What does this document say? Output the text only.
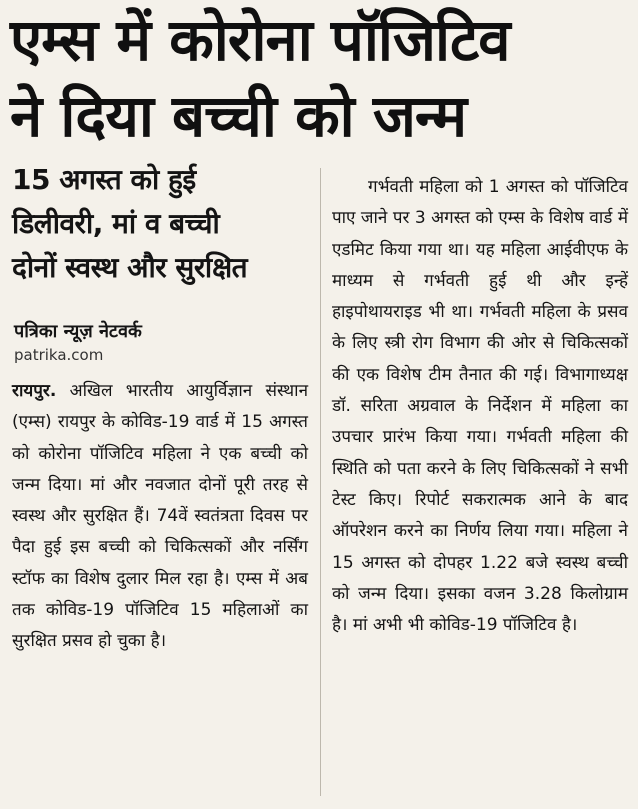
एम्स में कोरोना पॉजिटिव
ने दिया बच्ची को जन्म
15 अगस्त को हुई
डिलीवरी, मां व बच्ची
दोनों स्वस्थ और सुरक्षित
पत्रिका न्यूज़ नेटवर्क
patrika.com

रायपुर. अखिल भारतीय आयुर्विज्ञान संस्थान (एम्स) रायपुर के कोविड-19 वार्ड में 15 अगस्त को कोरोना पॉजिटिव महिला ने एक बच्ची को जन्म दिया। मां और नवजात दोनों पूरी तरह से स्वस्थ और सुरक्षित हैं। 74वें स्वतंत्रता दिवस पर पैदा हुई इस बच्ची को चिकित्सकों और नर्सिंग स्टॉफ का विशेष दुलार मिल रहा है। एम्स में अब तक कोविड-19 पॉजिटिव 15 महिलाओं का सुरक्षित प्रसव हो चुका है।

गर्भवती महिला को 1 अगस्त को पॉजिटिव पाए जाने पर 3 अगस्त को एम्स के विशेष वार्ड में एडमिट किया गया था। यह महिला आईवीएफ के माध्यम से गर्भवती हुई थी और इन्हें हाइपोथायराइड भी था। गर्भवती महिला के प्रसव के लिए स्त्री रोग विभाग की ओर से चिकित्सकों की एक विशेष टीम तैनात की गई। विभागाध्यक्ष डॉ. सरिता अग्रवाल के निर्देशन में महिला का उपचार प्रारंभ किया गया। गर्भवती महिला की स्थिति को पता करने के लिए चिकित्सकों ने सभी टेस्ट किए। रिपोर्ट सकरात्मक आने के बाद ऑपरेशन करने का निर्णय लिया गया। महिला ने 15 अगस्त को दोपहर 1.22 बजे स्वस्थ बच्ची को जन्म दिया। इसका वजन 3.28 किलोग्राम है। मां अभी भी कोविड-19 पॉजिटिव है।
